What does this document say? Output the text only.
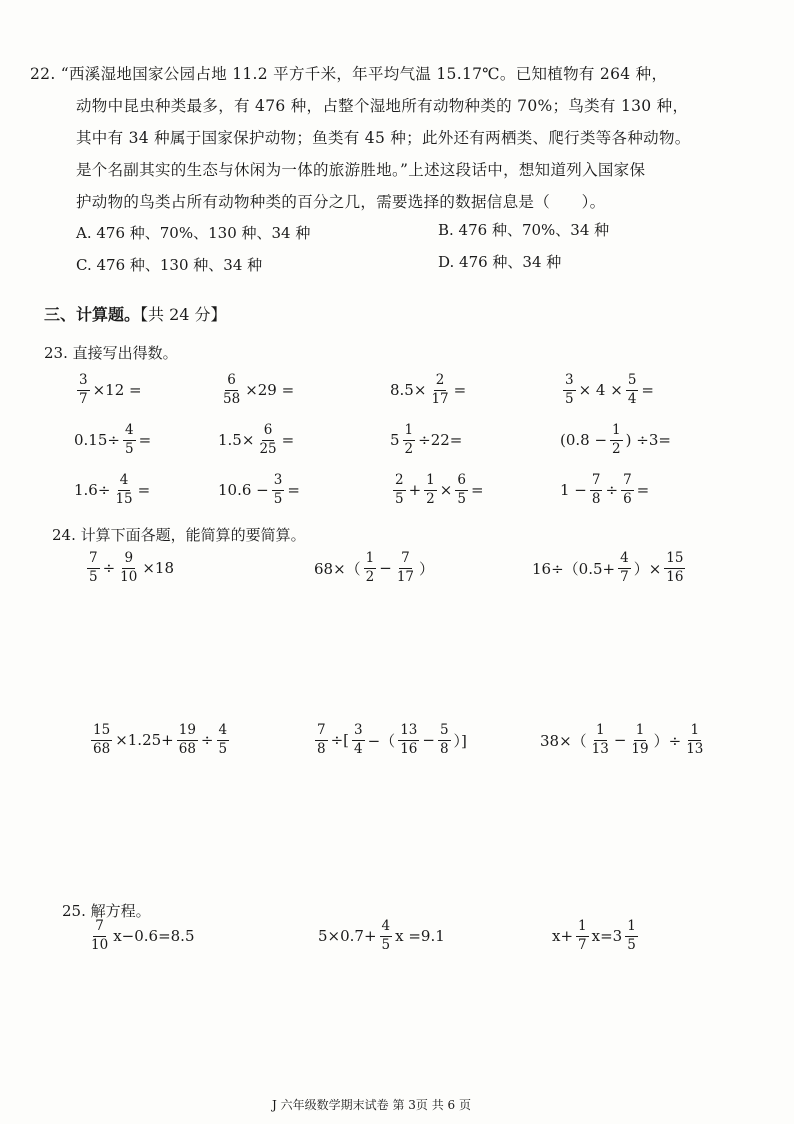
22. “西溪湿地国家公园占地 11.2 平方千米，年平均气温 15.17℃。已知植物有 264 种，
动物中昆虫种类最多，有 476 种，占整个湿地所有动物种类的 70%；鸟类有 130 种，
其中有 34 种属于国家保护动物；鱼类有 45 种；此外还有两栖类、爬行类等各种动物。
是个名副其实的生态与休闲为一体的旅游胜地。”上述这段话中，想知道列入国家保
护动物的鸟类占所有动物种类的百分之几，需要选择的数据信息是（　　）。
A. 476 种、70%、130 种、34 种	B. 476 种、70%、34 种
C. 476 种、130 种、34 种	D. 476 种、34 种
三、计算题。【共 24 分】
23. 直接写出得数。
$\frac{3}{7} \times 12$ =	$\frac{6}{58} \times 29$ =	$8.5\times \frac{2}{17}$ =	$\frac{3}{5} \times 4 \times \frac{5}{4}$ =
$0.15\div \frac{4}{5}$ =	$1.5\times \frac{6}{25}$ =	$5 \frac{1}{2} \div 22=$	($0.8 - \frac{1}{2}$ ) ÷3=
$1.6\div \frac{4}{15}$ =	$10.6 - \frac{3}{5}$ =	$\frac{2}{5} + \frac{1}{2} \times \frac{6}{5}$ =	$1 - \frac{7}{8} \div \frac{7}{6}$ =
24. 计算下面各题，能简算的要简算。
$\frac{7}{5} \div \frac{9}{10} \times 18$	$68\times( \frac{1}{2} - \frac{7}{17}$ ）	$16\div(0.5+ \frac{4}{7}$ ）× $\frac{15}{16}$
$\frac{15}{68} \times 1.25+ \frac{19}{68} \div \frac{4}{5}$	$\frac{7}{8}$ ÷[ $\frac{3}{4}$ −（ $\frac{13}{16} - \frac{5}{8}$ ）]	$38\times( \frac{1}{13} - \frac{1}{19}$ ）÷ $\frac{1}{13}$
25. 解方程。
$\frac{7}{10} x-0.6=8.5$	$5\times 0.7+ \frac{4}{5}$ x =9.1	$x+ \frac{1}{7} x=3 \frac{1}{5}$
J 六年级数学期末试卷 第 3页 共 6 页
